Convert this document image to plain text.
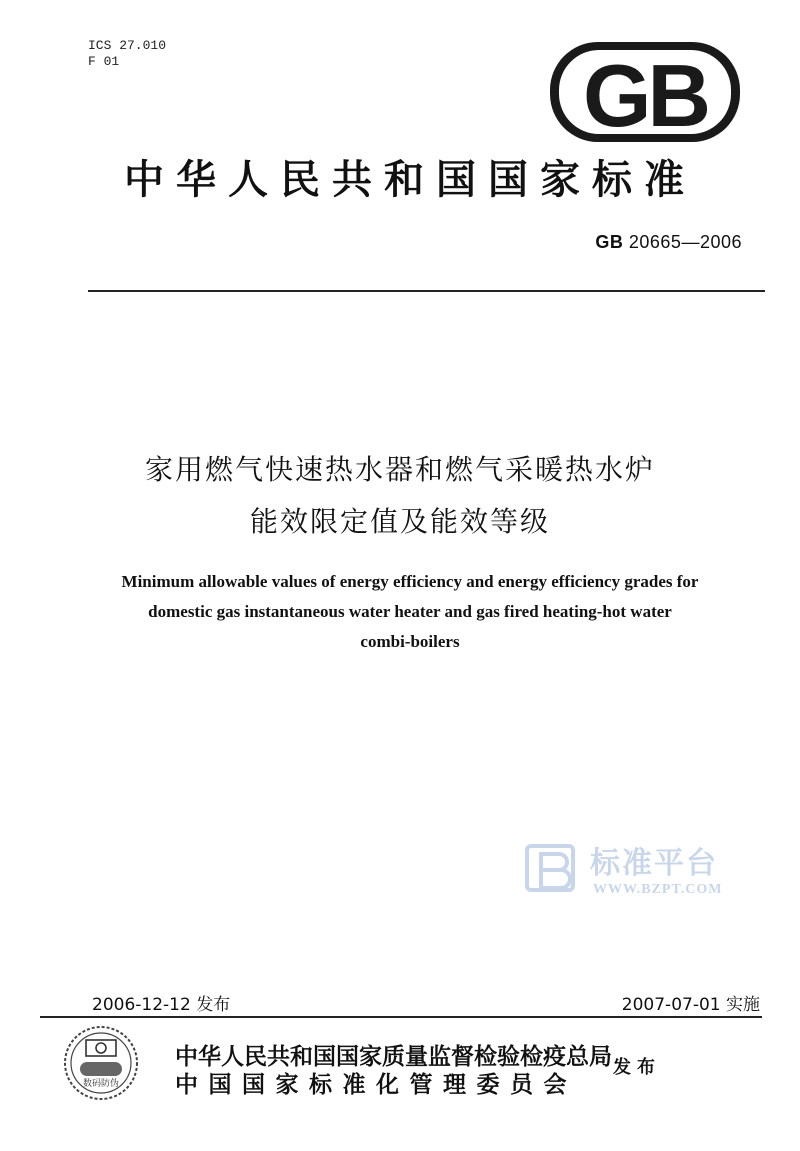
ICS 27.010
F 01	GB
中华人民共和国国家标准
GB 20665—2006
家用燃气快速热水器和燃气采暖热水炉
能效限定值及能效等级
Minimum allowable values of energy efficiency and energy efficiency grades for
domestic gas instantaneous water heater and gas fired heating-hot water
combi-boilers
标准平台
WWW.BZPT.COM
2006-12-12 发布	2007-07-01 实施
数码防伪
中华人民共和国国家质量监督检验检疫总局
中国国家标准化管理委员会
发布
